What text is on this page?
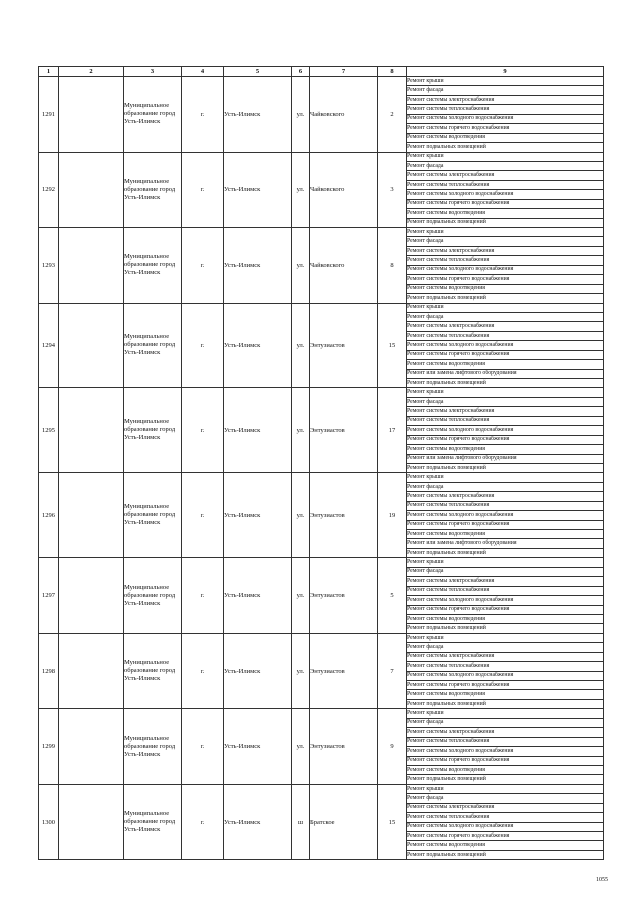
1	2	3	4	5	6	7	8	9
1291		Муниципальное образование город Усть-Илимск	г.	Усть-Илимск	ул.	Чайковского	2	Ремонт крыши
								Ремонт фасада
								Ремонт системы электроснабжения
								Ремонт системы теплоснабжения
								Ремонт системы холодного водоснабжения
								Ремонт системы горячего водоснабжения
								Ремонт системы водоотведения
								Ремонт подвальных помещений
1292		Муниципальное образование город Усть-Илимск	г.	Усть-Илимск	ул.	Чайковского	3	Ремонт крыши
								Ремонт фасада
								Ремонт системы электроснабжения
								Ремонт системы теплоснабжения
								Ремонт системы холодного водоснабжения
								Ремонт системы горячего водоснабжения
								Ремонт системы водоотведения
								Ремонт подвальных помещений
1293		Муниципальное образование город Усть-Илимск	г.	Усть-Илимск	ул.	Чайковского	8	Ремонт крыши
								Ремонт фасада
								Ремонт системы электроснабжения
								Ремонт системы теплоснабжения
								Ремонт системы холодного водоснабжения
								Ремонт системы горячего водоснабжения
								Ремонт системы водоотведения
								Ремонт подвальных помещений
1294		Муниципальное образование город Усть-Илимск	г.	Усть-Илимск	ул.	Энтузиастов	15	Ремонт крыши
								Ремонт фасада
								Ремонт системы электроснабжения
								Ремонт системы теплоснабжения
								Ремонт системы холодного водоснабжения
								Ремонт системы горячего водоснабжения
								Ремонт системы водоотведения
								Ремонт или замена лифтового оборудования
								Ремонт подвальных помещений
1295		Муниципальное образование город Усть-Илимск	г.	Усть-Илимск	ул.	Энтузиастов	17	Ремонт крыши
								Ремонт фасада
								Ремонт системы электроснабжения
								Ремонт системы теплоснабжения
								Ремонт системы холодного водоснабжения
								Ремонт системы горячего водоснабжения
								Ремонт системы водоотведения
								Ремонт или замена лифтового оборудования
								Ремонт подвальных помещений
1296		Муниципальное образование город Усть-Илимск	г.	Усть-Илимск	ул.	Энтузиастов	19	Ремонт крыши
								Ремонт фасада
								Ремонт системы электроснабжения
								Ремонт системы теплоснабжения
								Ремонт системы холодного водоснабжения
								Ремонт системы горячего водоснабжения
								Ремонт системы водоотведения
								Ремонт или замена лифтового оборудования
								Ремонт подвальных помещений
1297		Муниципальное образование город Усть-Илимск	г.	Усть-Илимск	ул.	Энтузиастов	5	Ремонт крыши
								Ремонт фасада
								Ремонт системы электроснабжения
								Ремонт системы теплоснабжения
								Ремонт системы холодного водоснабжения
								Ремонт системы горячего водоснабжения
								Ремонт системы водоотведения
								Ремонт подвальных помещений
1298		Муниципальное образование город Усть-Илимск	г.	Усть-Илимск	ул.	Энтузиастов	7	Ремонт крыши
								Ремонт фасада
								Ремонт системы электроснабжения
								Ремонт системы теплоснабжения
								Ремонт системы холодного водоснабжения
								Ремонт системы горячего водоснабжения
								Ремонт системы водоотведения
								Ремонт подвальных помещений
1299		Муниципальное образование город Усть-Илимск	г.	Усть-Илимск	ул.	Энтузиастов	9	Ремонт крыши
								Ремонт фасада
								Ремонт системы электроснабжения
								Ремонт системы теплоснабжения
								Ремонт системы холодного водоснабжения
								Ремонт системы горячего водоснабжения
								Ремонт системы водоотведения
								Ремонт подвальных помещений
1300		Муниципальное образование город Усть-Илимск	г.	Усть-Илимск	ш	Братское	15	Ремонт крыши
								Ремонт фасада
								Ремонт системы электроснабжения
								Ремонт системы теплоснабжения
								Ремонт системы холодного водоснабжения
								Ремонт системы горячего водоснабжения
								Ремонт системы водоотведения
								Ремонт подвальных помещений
1055
